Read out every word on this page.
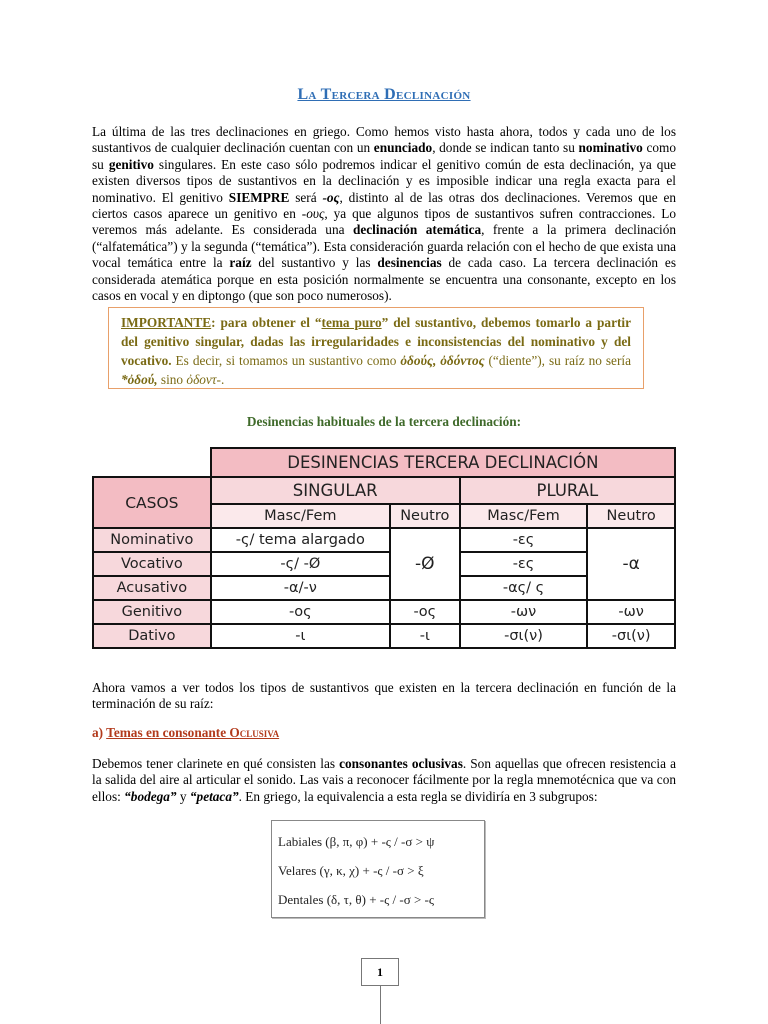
La Tercera Declinación
La última de las tres declinaciones en griego. Como hemos visto hasta ahora, todos y cada uno de los sustantivos de cualquier declinación cuentan con un enunciado, donde se indican tanto su nominativo como su genitivo singulares. En este caso sólo podremos indicar el genitivo común de esta declinación, ya que existen diversos tipos de sustantivos en la declinación y es imposible indicar una regla exacta para el nominativo. El genitivo SIEMPRE será -ος, distinto al de las otras dos declinaciones. Veremos que en ciertos casos aparece un genitivo en -ους, ya que algunos tipos de sustantivos sufren contracciones. Lo veremos más adelante. Es considerada una declinación atemática, frente a la primera declinación (“alfatemática”) y la segunda (“temática”). Esta consideración guarda relación con el hecho de que exista una vocal temática entre la raíz del sustantivo y las desinencias de cada caso. La tercera declinación es considerada atemática porque en esta posición normalmente se encuentra una consonante, excepto en los casos en vocal y en diptongo (que son poco numerosos).
IMPORTANTE: para obtener el “tema puro” del sustantivo, debemos tomarlo a partir del genitivo singular, dadas las irregularidades e inconsistencias del nominativo y del vocativo. Es decir, si tomamos un sustantivo como ὀδούς, ὀδόντος (“diente”), su raíz no sería *ὀδού, sino ὀδοντ-.
Desinencias habituales de la tercera declinación:
	DESINENCIAS TERCERA DECLINACIÓN			
CASOS	SINGULAR		PLURAL	
	Masc/Fem	Neutro	Masc/Fem	Neutro
Nominativo	-ς/ tema alargado	-Ø	-ες	-α
Vocativo	-ς/ -Ø		-ες	
Acusativo	-α/-ν		-ας/ ς	
Genitivo	-ος	-ος	-ων	-ων
Dativo	-ι	-ι	-σι(ν)	-σι(ν)
Ahora vamos a ver todos los tipos de sustantivos que existen en la tercera declinación en función de la terminación de su raíz:
a) Temas en consonante Oclusiva
Debemos tener clarinete en qué consisten las consonantes oclusivas. Son aquellas que ofrecen resistencia a la salida del aire al articular el sonido. Las vais a reconocer fácilmente por la regla mnemotécnica que va con ellos: “bodega” y “petaca”. En griego, la equivalencia a esta regla se dividiría en 3 subgrupos:
Labiales (β, π, φ) + -ς / -σ > ψ
Velares (γ, κ, χ) + -ς / -σ > ξ
Dentales (δ, τ, θ) + -ς / -σ > -ς
1
